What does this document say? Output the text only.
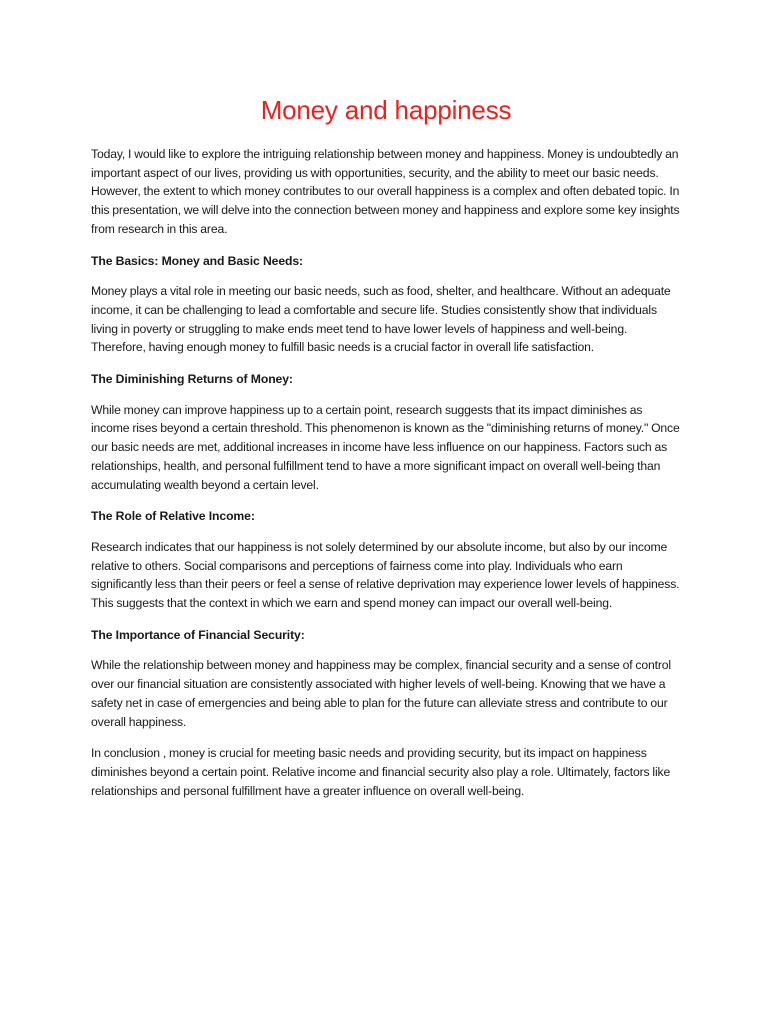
Money and happiness

Today, I would like to explore the intriguing relationship between money and happiness. Money is undoubtedly an important aspect of our lives, providing us with opportunities, security, and the ability to meet our basic needs. However, the extent to which money contributes to our overall happiness is a complex and often debated topic. In this presentation, we will delve into the connection between money and happiness and explore some key insights from research in this area.

The Basics: Money and Basic Needs:

Money plays a vital role in meeting our basic needs, such as food, shelter, and healthcare. Without an adequate income, it can be challenging to lead a comfortable and secure life. Studies consistently show that individuals living in poverty or struggling to make ends meet tend to have lower levels of happiness and well-being. Therefore, having enough money to fulfill basic needs is a crucial factor in overall life satisfaction.

The Diminishing Returns of Money:

While money can improve happiness up to a certain point, research suggests that its impact diminishes as income rises beyond a certain threshold. This phenomenon is known as the "diminishing returns of money." Once our basic needs are met, additional increases in income have less influence on our happiness. Factors such as relationships, health, and personal fulfillment tend to have a more significant impact on overall well-being than accumulating wealth beyond a certain level.

The Role of Relative Income:

Research indicates that our happiness is not solely determined by our absolute income, but also by our income relative to others. Social comparisons and perceptions of fairness come into play. Individuals who earn significantly less than their peers or feel a sense of relative deprivation may experience lower levels of happiness. This suggests that the context in which we earn and spend money can impact our overall well-being.

The Importance of Financial Security:

While the relationship between money and happiness may be complex, financial security and a sense of control over our financial situation are consistently associated with higher levels of well-being. Knowing that we have a safety net in case of emergencies and being able to plan for the future can alleviate stress and contribute to our overall happiness.

In conclusion , money is crucial for meeting basic needs and providing security, but its impact on happiness diminishes beyond a certain point. Relative income and financial security also play a role. Ultimately, factors like relationships and personal fulfillment have a greater influence on overall well-being.
